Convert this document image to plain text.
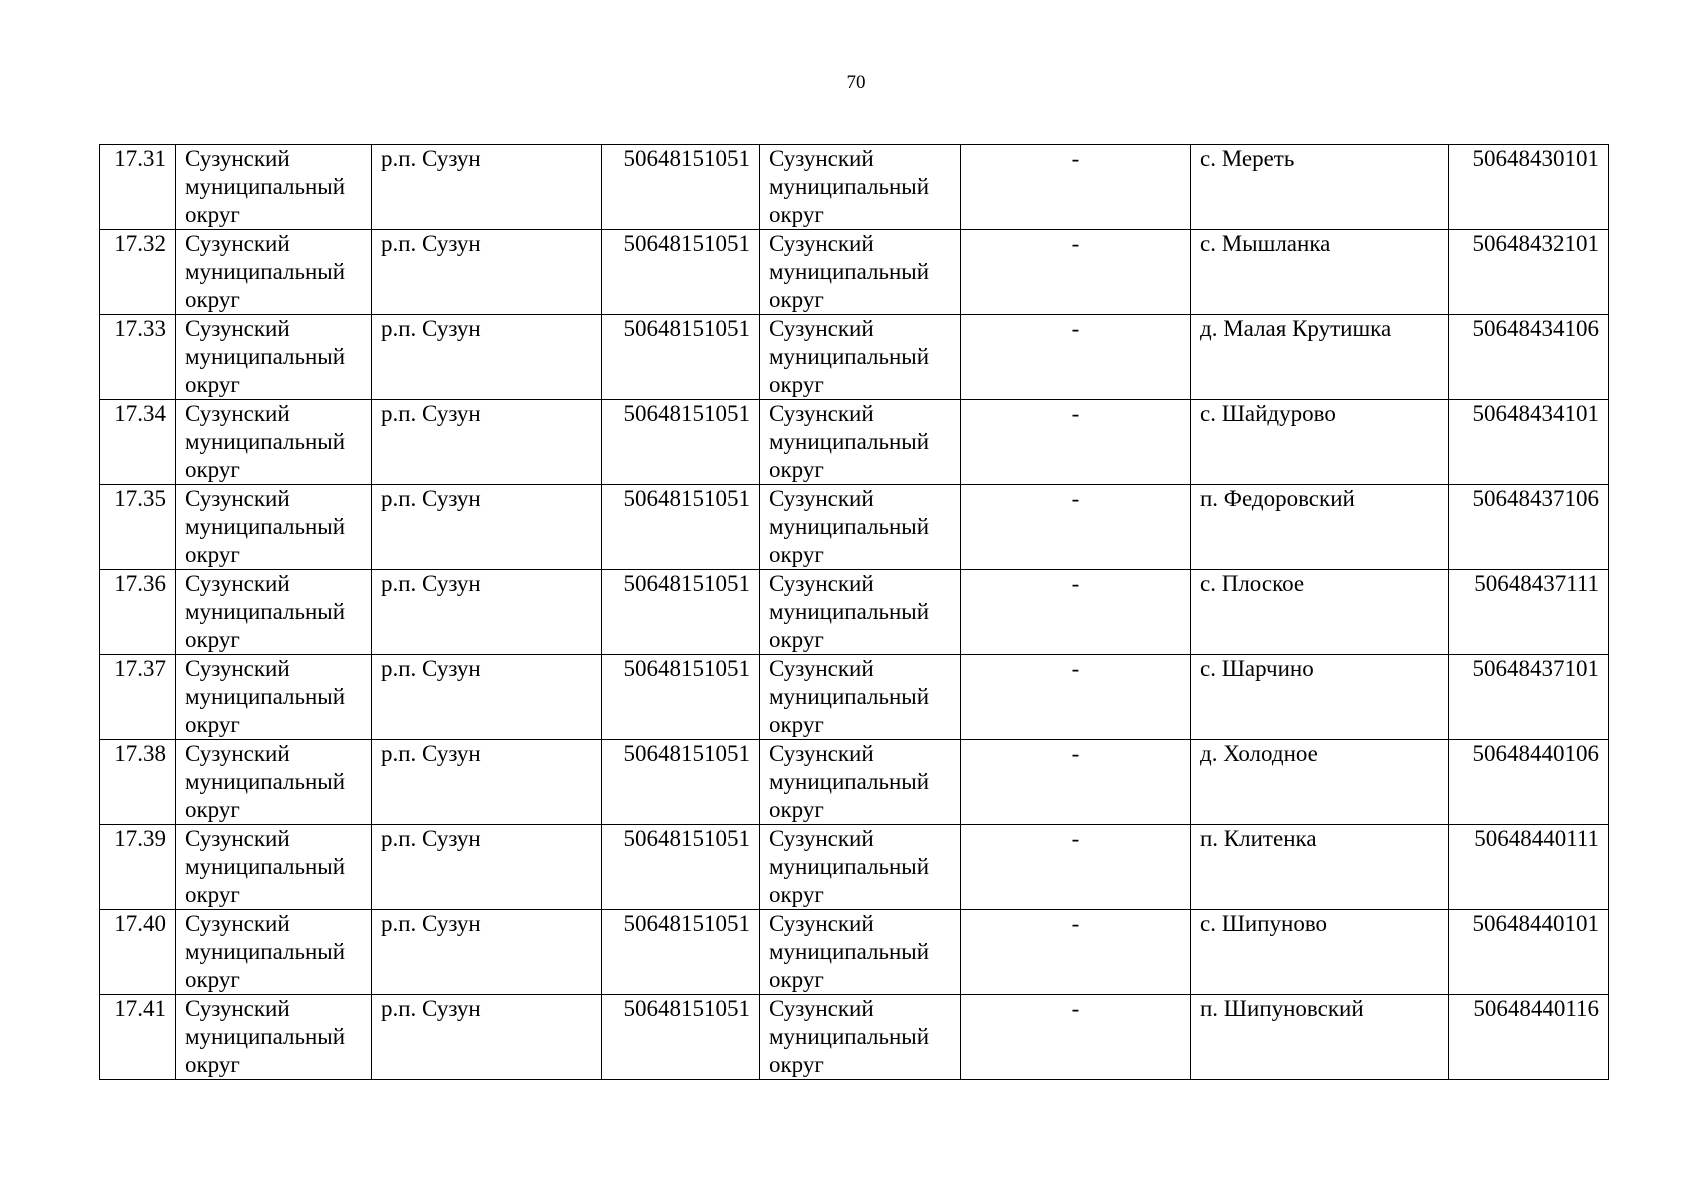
70
17.31	Сузунский муниципальный округ	р.п. Сузун	50648151051	Сузунский муниципальный округ	-	с. Мереть	50648430101
17.32	Сузунский муниципальный округ	р.п. Сузун	50648151051	Сузунский муниципальный округ	-	с. Мышланка	50648432101
17.33	Сузунский муниципальный округ	р.п. Сузун	50648151051	Сузунский муниципальный округ	-	д. Малая Крутишка	50648434106
17.34	Сузунский муниципальный округ	р.п. Сузун	50648151051	Сузунский муниципальный округ	-	с. Шайдурово	50648434101
17.35	Сузунский муниципальный округ	р.п. Сузун	50648151051	Сузунский муниципальный округ	-	п. Федоровский	50648437106
17.36	Сузунский муниципальный округ	р.п. Сузун	50648151051	Сузунский муниципальный округ	-	с. Плоское	50648437111
17.37	Сузунский муниципальный округ	р.п. Сузун	50648151051	Сузунский муниципальный округ	-	с. Шарчино	50648437101
17.38	Сузунский муниципальный округ	р.п. Сузун	50648151051	Сузунский муниципальный округ	-	д. Холодное	50648440106
17.39	Сузунский муниципальный округ	р.п. Сузун	50648151051	Сузунский муниципальный округ	-	п. Клитенка	50648440111
17.40	Сузунский муниципальный округ	р.п. Сузун	50648151051	Сузунский муниципальный округ	-	с. Шипуново	50648440101
17.41	Сузунский муниципальный округ	р.п. Сузун	50648151051	Сузунский муниципальный округ	-	п. Шипуновский	50648440116
